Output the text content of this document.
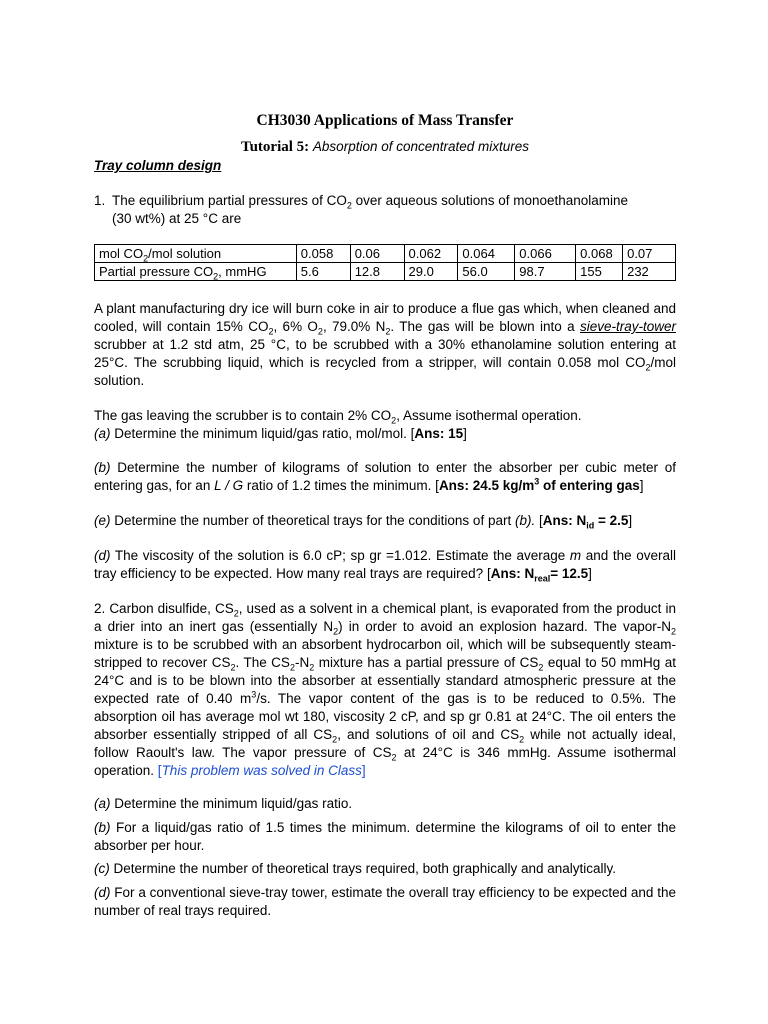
CH3030 Applications of Mass Transfer
Tutorial 5: Absorption of concentrated mixtures
Tray column design

1. The equilibrium partial pressures of $CO_2$ over aqueous solutions of monoethanolamine
(30 wt%) at 25 °C are

mol $CO_2$/mol solution	0.058	0.06	0.062	0.064	0.066	0.068	0.07
Partial pressure $CO_2$, mmHG	5.6	12.8	29.0	56.0	98.7	155	232

A plant manufacturing dry ice will burn coke in air to produce a flue gas which, when cleaned and cooled, will contain 15% $CO_2$, 6% $O_2$, 79.0% $N_2$. The gas will be blown into a sieve-tray-tower scrubber at 1.2 std atm, 25 °C, to be scrubbed with a 30% ethanolamine solution entering at 25°C. The scrubbing liquid, which is recycled from a stripper, will contain 0.058 mol $CO_2$/mol solution.

The gas leaving the scrubber is to contain 2% $CO_2$, Assume isothermal operation.
(a) Determine the minimum liquid/gas ratio, mol/mol. [Ans: 15]

(b) Determine the number of kilograms of solution to enter the absorber per cubic meter of entering gas, for an L / G ratio of 1.2 times the minimum. [Ans: 24.5 $kg/m^3$ of entering gas]

(e) Determine the number of theoretical trays for the conditions of part (b). [Ans: $N_{id} = 2.5$]

(d) The viscosity of the solution is 6.0 cP; sp gr =1.012. Estimate the average m and the overall tray efficiency to be expected. How many real trays are required? [Ans: $N_{real}= 12.5$]

2. Carbon disulfide, $CS_2$, used as a solvent in a chemical plant, is evaporated from the product in a drier into an inert gas (essentially $N_2$) in order to avoid an explosion hazard. The vapor-$N_2$ mixture is to be scrubbed with an absorbent hydrocarbon oil, which will be subsequently steam-stripped to recover $CS_2$. The $CS_2-N_2$ mixture has a partial pressure of $CS_2$ equal to 50 mmHg at 24°C and is to be blown into the absorber at essentially standard atmospheric pressure at the expected rate of 0.40 $m^3/s$. The vapor content of the gas is to be reduced to 0.5%. The absorption oil has average mol wt 180, viscosity 2 cP, and sp gr 0.81 at 24°C. The oil enters the absorber essentially stripped of all $CS_2$, and solutions of oil and $CS_2$ while not actually ideal, follow Raoult's law. The vapor pressure of $CS_2$ at 24°C is 346 mmHg. Assume isothermal operation. [This problem was solved in Class]

(a) Determine the minimum liquid/gas ratio.

(b) For a liquid/gas ratio of 1.5 times the minimum. determine the kilograms of oil to enter the absorber per hour.

(c) Determine the number of theoretical trays required, both graphically and analytically.

(d) For a conventional sieve-tray tower, estimate the overall tray efficiency to be expected and the number of real trays required.
